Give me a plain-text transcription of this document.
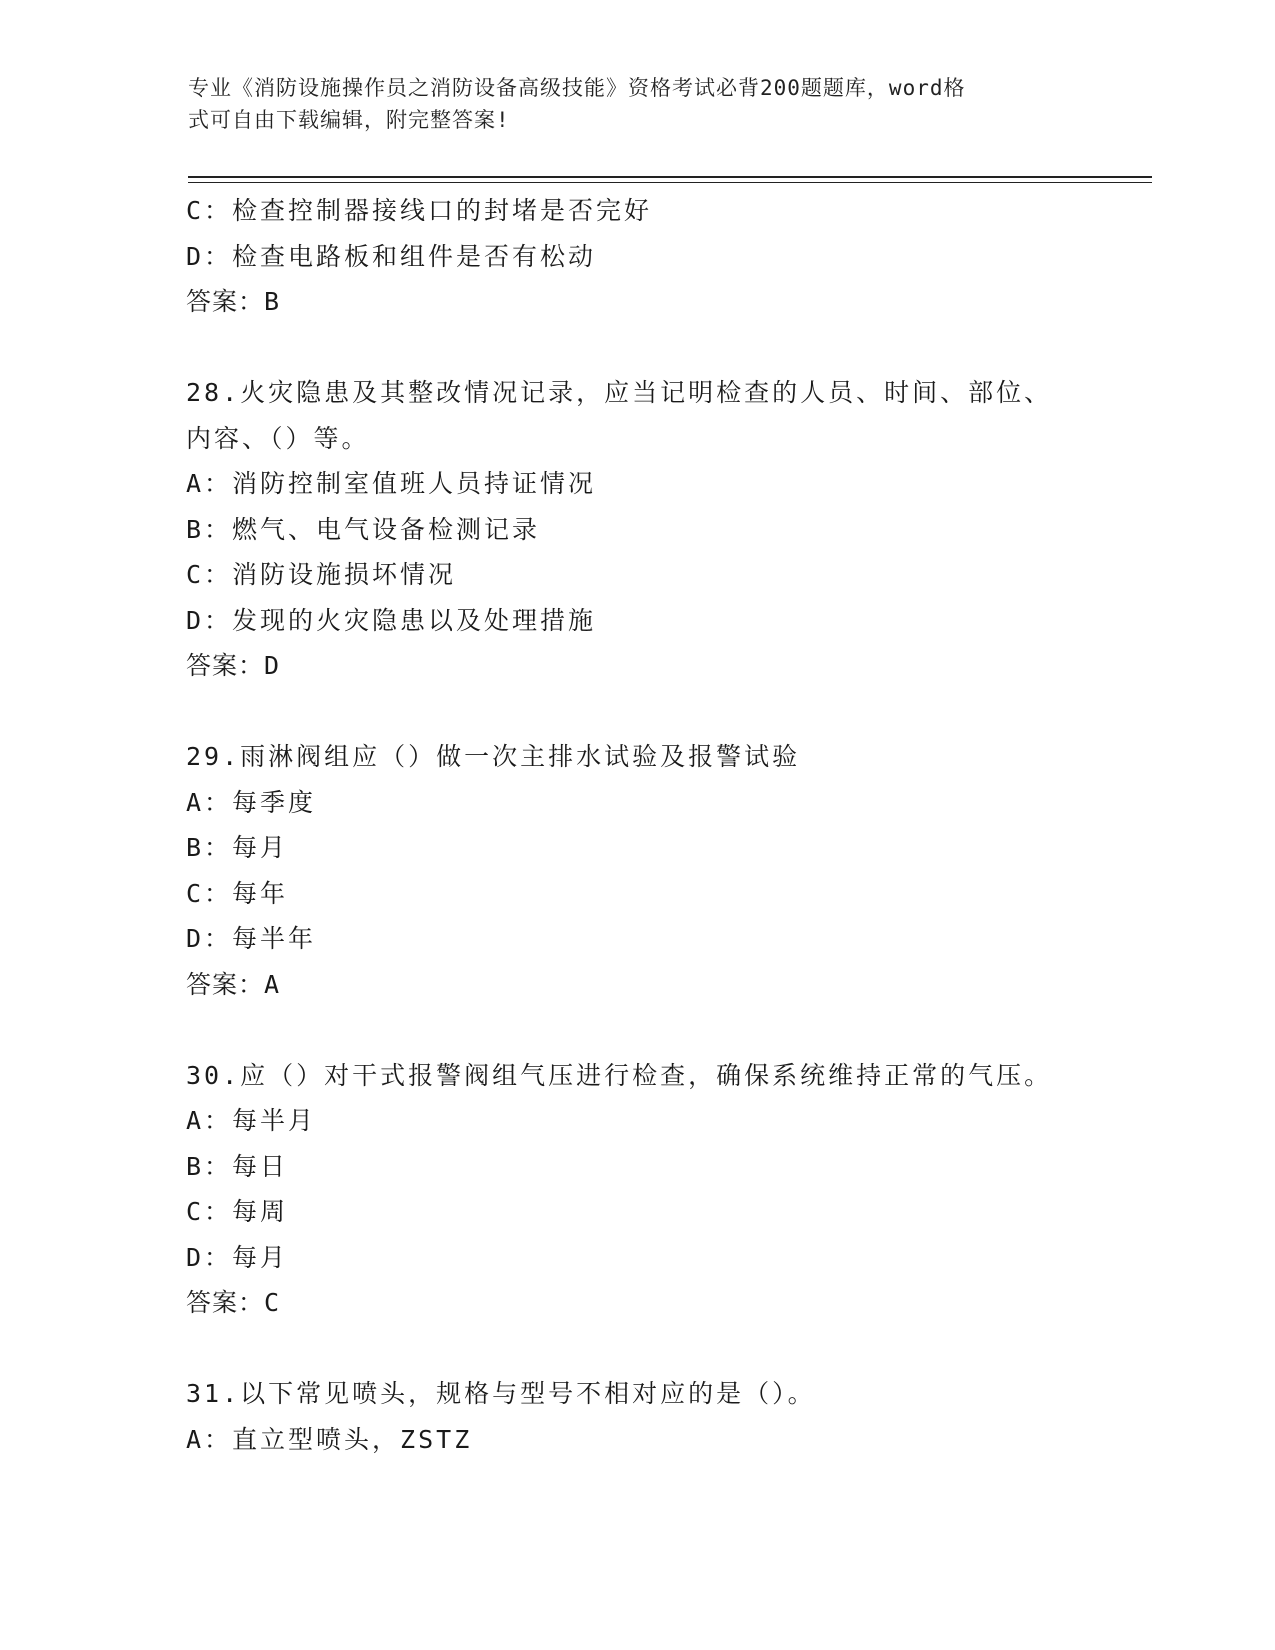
专业《消防设施操作员之消防设备高级技能》资格考试必背200题题库，word格
式可自由下载编辑，附完整答案!
C：检查控制器接线口的封堵是否完好
D：检查电路板和组件是否有松动
答案：B
28.火灾隐患及其整改情况记录，应当记明检查的人员、时间、部位、
内容、（）等。
A：消防控制室值班人员持证情况
B：燃气、电气设备检测记录
C：消防设施损坏情况
D：发现的火灾隐患以及处理措施
答案：D
29.雨淋阀组应（）做一次主排水试验及报警试验
A：每季度
B：每月
C：每年
D：每半年
答案：A
30.应（）对干式报警阀组气压进行检查，确保系统维持正常的气压。
A：每半月
B：每日
C：每周
D：每月
答案：C
31.以下常见喷头，规格与型号不相对应的是（）。
A：直立型喷头，ZSTZ
